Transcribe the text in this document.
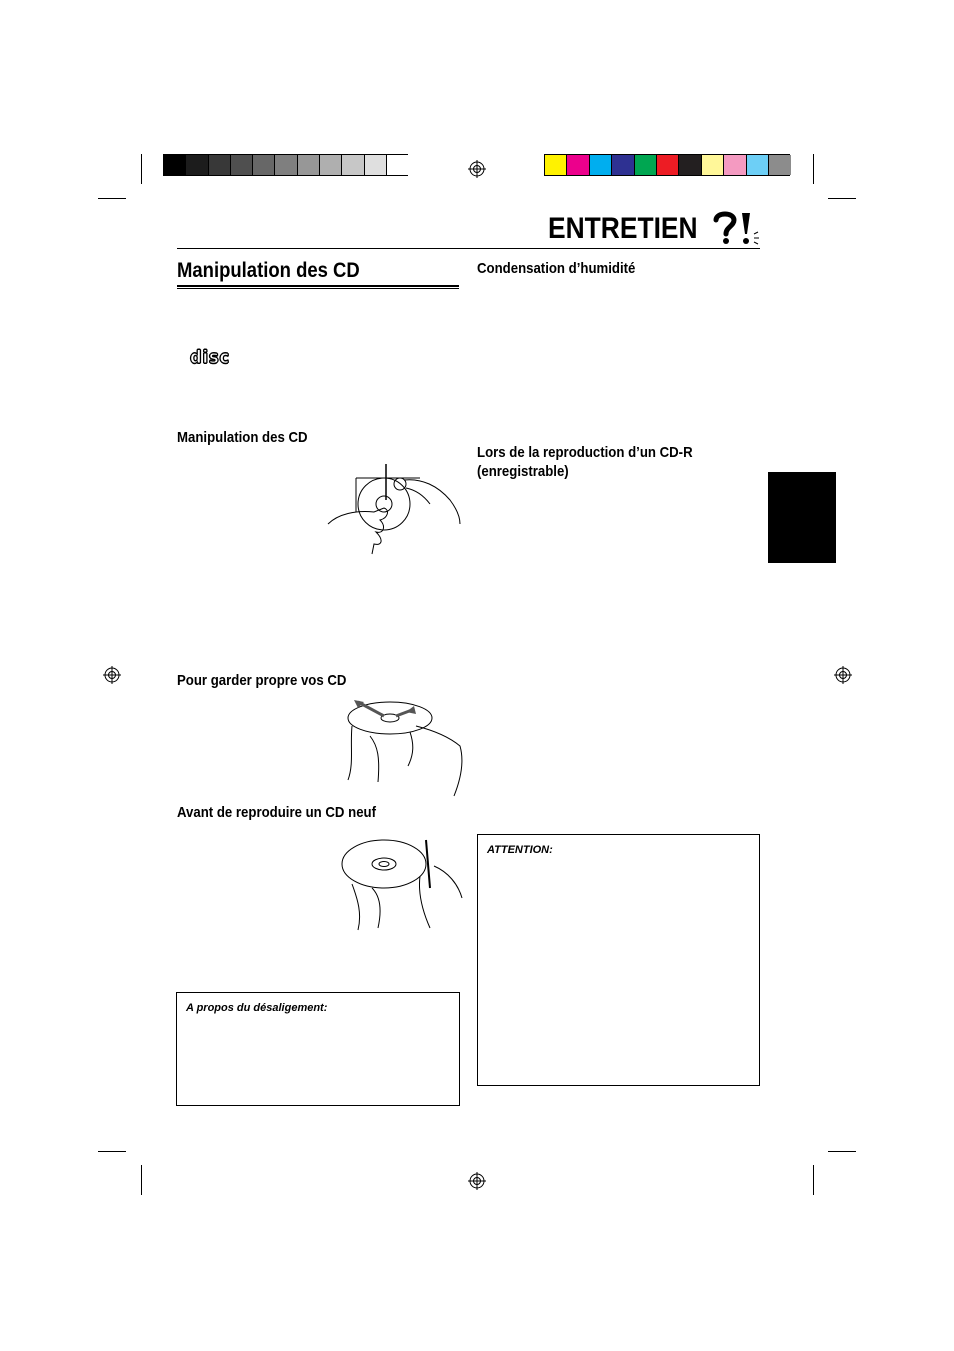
ENTRETIEN
Manipulation des CD
disc
Manipulation des CD
Pour garder propre vos CD
Avant de reproduire un CD neuf
A propos du désaligement:
Condensation d’humidité
Lors de la reproduction d’un CD-R
(enregistrable)
ATTENTION:
